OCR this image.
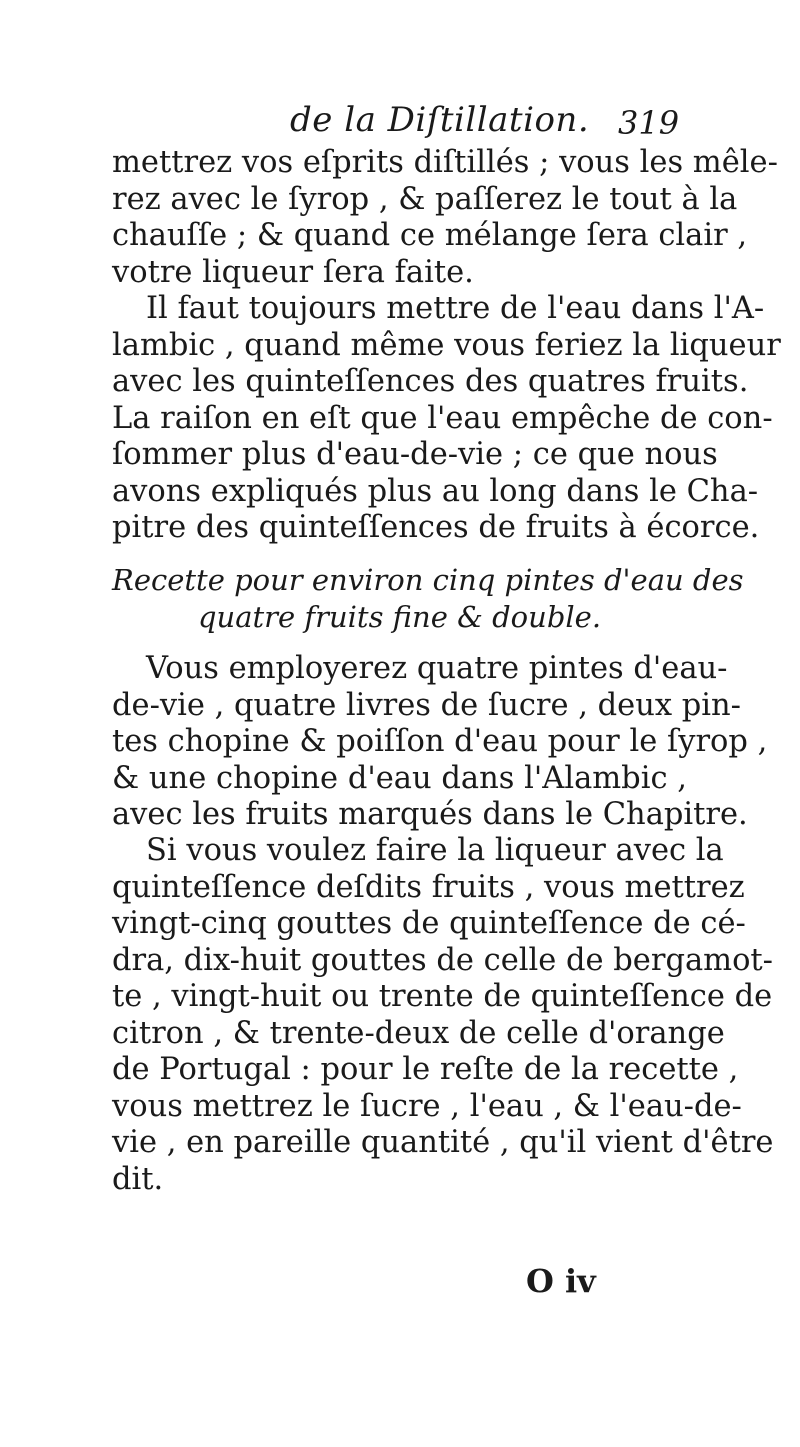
de la Diſtillation. 319
mettrez vos eſprits diſtillés ; vous les mêle-
rez avec le ſyrop , & paſſerez le tout à la
chauſſe ; & quand ce mélange ſera clair ,
votre liqueur ſera faite.
Il faut toujours mettre de l'eau dans l'A-
lambic , quand même vous feriez la liqueur
avec les quinteſſences des quatres fruits.
La raiſon en eſt que l'eau empêche de con-
ſommer plus d'eau-de-vie ; ce que nous
avons expliqués plus au long dans le Cha-
pitre des quinteſſences de fruits à écorce.
Recette pour environ cinq pintes d'eau des
quatre fruits fine & double.
Vous employerez quatre pintes d'eau-
de-vie , quatre livres de ſucre , deux pin-
tes chopine & poiſſon d'eau pour le ſyrop ,
& une chopine d'eau dans l'Alambic ,
avec les fruits marqués dans le Chapitre.
Si vous voulez faire la liqueur avec la
quinteſſence deſdits fruits , vous mettrez
vingt-cinq gouttes de quinteſſence de cé-
dra, dix-huit gouttes de celle de bergamot-
te , vingt-huit ou trente de quinteſſence de
citron , & trente-deux de celle d'orange
de Portugal : pour le reſte de la recette ,
vous mettrez le ſucre , l'eau , & l'eau-de-
vie , en pareille quantité , qu'il vient d'être
dit.
O iv
